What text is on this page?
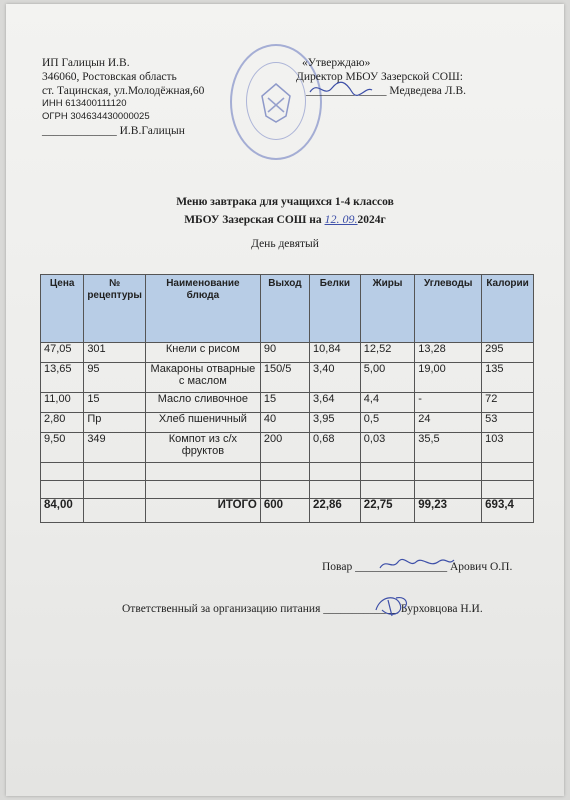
ИП Галицын И.В.
346060, Ростовская область
ст. Тацинская, ул.Молодёжная,60
ИНН 613400111120
ОГРН 304634430000025
_____________ И.В.Галицын
«Утверждаю»
Директор МБОУ Зазерской СОШ:
______________ Медведева Л.В.
Меню завтрака для учащихся 1-4 классов
МБОУ Зазерская СОШ на 12. 09.2024г
День девятый
Цена	№ рецептуры	Наименование блюда	Выход	Белки	Жиры	Углеводы	Калории
47,05	301	Кнели с рисом	90	10,84	12,52	13,28	295
13,65	95	Макароны отварные с маслом	150/5	3,40	5,00	19,00	135
11,00	15	Масло сливочное	15	3,64	4,4	-	72
2,80	Пр	Хлеб пшеничный	40	3,95	0,5	24	53
9,50	349	Компот из с/х фруктов	200	0,68	0,03	35,5	103

84,00		ИТОГО	600	22,86	22,75	99,23	693,4
Повар ________________ Арович О.П.
Ответственный за организацию питания _____________ Бурховцова Н.И.
